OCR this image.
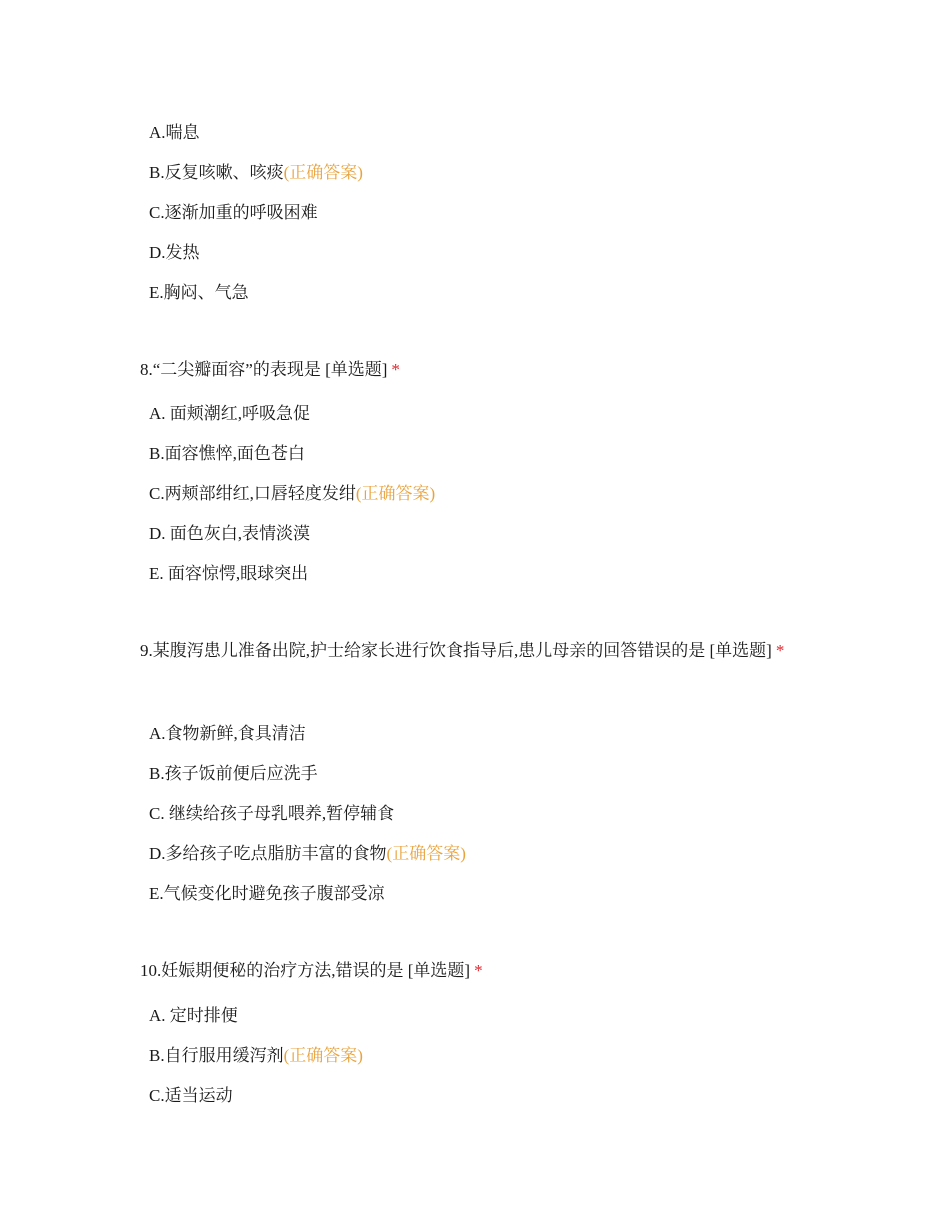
A.喘息
B.反复咳嗽、咳痰(正确答案)
C.逐渐加重的呼吸困难
D.发热
E.胸闷、气急
8.“二尖瓣面容”的表现是 [单选题] *
A. 面颊潮红,呼吸急促
B.面容憔悴,面色苍白
C.两颊部绀红,口唇轻度发绀(正确答案)
D. 面色灰白,表情淡漠
E. 面容惊愕,眼球突出
9.某腹泻患儿准备出院,护士给家长进行饮食指导后,患儿母亲的回答错误的是 [单选题] *
A.食物新鲜,食具清洁
B.孩子饭前便后应洗手
C. 继续给孩子母乳喂养,暂停辅食
D.多给孩子吃点脂肪丰富的食物(正确答案)
E.气候变化时避免孩子腹部受凉
10.妊娠期便秘的治疗方法,错误的是 [单选题] *
A. 定时排便
B.自行服用缓泻剂(正确答案)
C.适当运动
